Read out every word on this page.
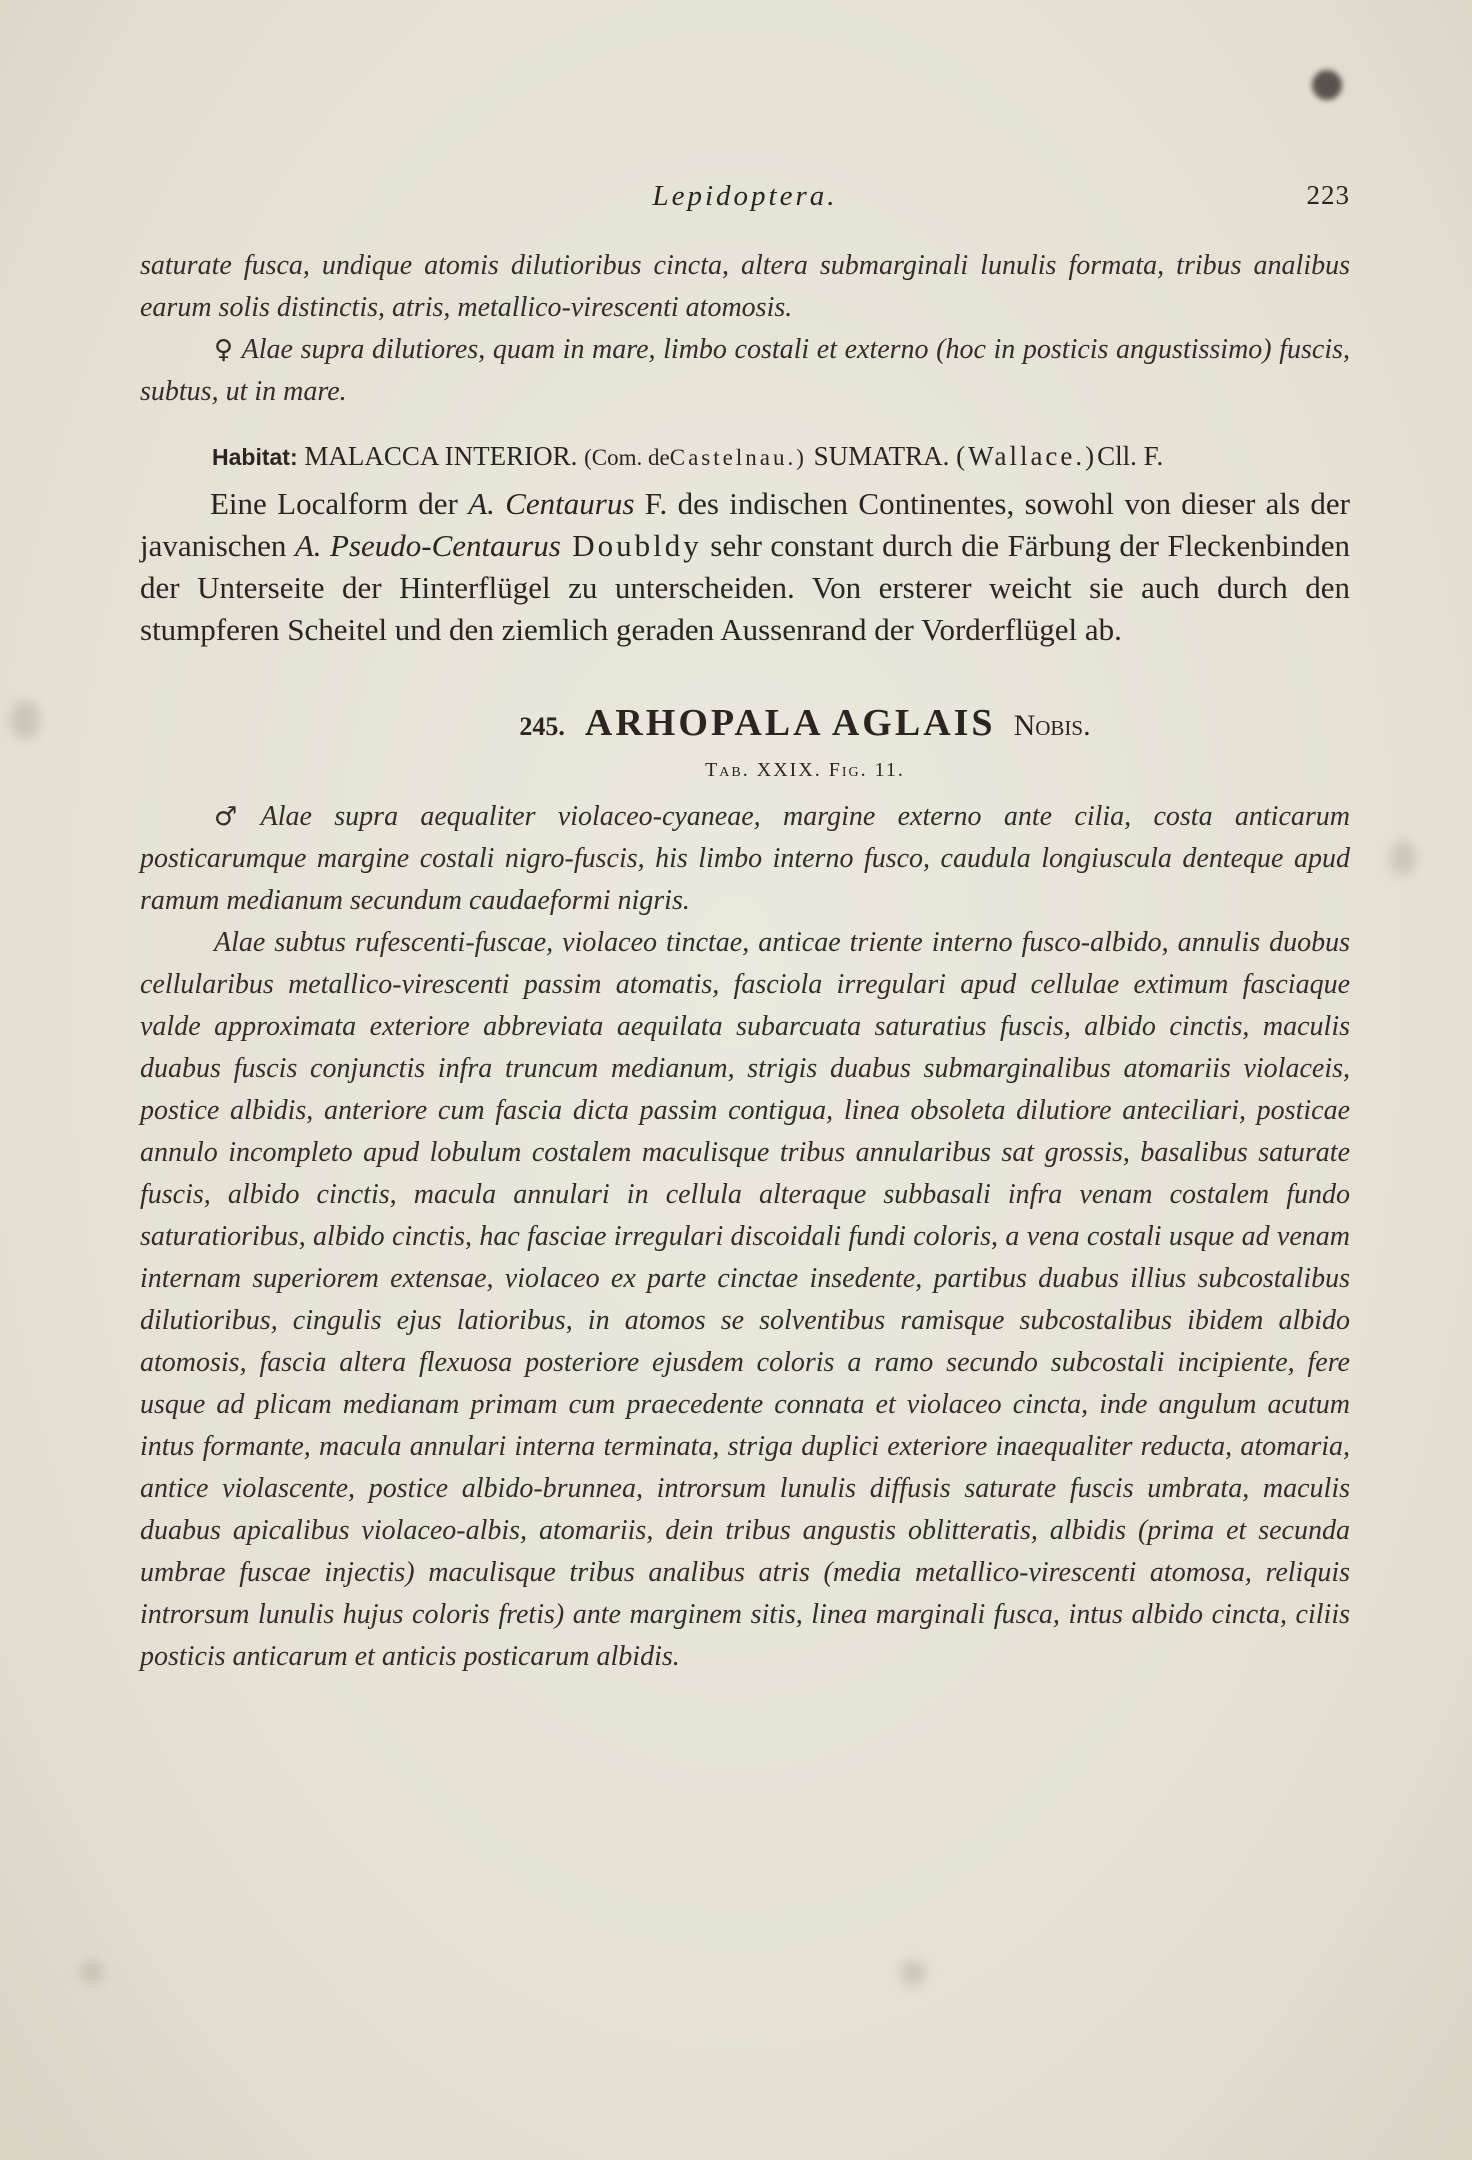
Lepidoptera.	223

saturate fusca, undique atomis dilutioribus cincta, altera submarginali lunulis formata, tribus analibus earum solis distinctis, atris, metallico-virescenti atomosis.

♀ Alae supra dilutiores, quam in mare, limbo costali et externo (hoc in posticis angustissimo) fuscis, subtus, ut in mare.

Habitat: MALACCA INTERIOR. (Com. deCastelnau.) SUMATRA. (Wallace.)Cll. F.

Eine Localform der A. Centaurus F. des indischen Continentes, sowohl von dieser als der javanischen A. Pseudo-Centaurus Doubldy sehr constant durch die Färbung der Fleckenbinden der Unterseite der Hinterflügel zu unterscheiden. Von ersterer weicht sie auch durch den stumpferen Scheitel und den ziemlich geraden Aussenrand der Vorderflügel ab.

245. ARHOPALA AGLAIS Nobis.
Tab. XXIX. Fig. 11.

♂ Alae supra aequaliter violaceo-cyaneae, margine externo ante cilia, costa anticarum posticarumque margine costali nigro-fuscis, his limbo interno fusco, caudula longiuscula denteque apud ramum medianum secundum caudaeformi nigris.

Alae subtus rufescenti-fuscae, violaceo tinctae, anticae triente interno fusco-albido, annulis duobus cellularibus metallico-virescenti passim atomatis, fasciola irregulari apud cellulae extimum fasciaque valde approximata exteriore abbreviata aequilata subarcuata saturatius fuscis, albido cinctis, maculis duabus fuscis conjunctis infra truncum medianum, strigis duabus submarginalibus atomariis violaceis, postice albidis, anteriore cum fascia dicta passim contigua, linea obsoleta dilutiore anteciliari, posticae annulo incompleto apud lobulum costalem maculisque tribus annularibus sat grossis, basalibus saturate fuscis, albido cinctis, macula annulari in cellula alteraque subbasali infra venam costalem fundo saturatioribus, albido cinctis, hac fasciae irregulari discoidali fundi coloris, a vena costali usque ad venam internam superiorem extensae, violaceo ex parte cinctae insedente, partibus duabus illius subcostalibus dilutioribus, cingulis ejus latioribus, in atomos se solventibus ramisque subcostalibus ibidem albido atomosis, fascia altera flexuosa posteriore ejusdem coloris a ramo secundo subcostali incipiente, fere usque ad plicam medianam primam cum praecedente connata et violaceo cincta, inde angulum acutum intus formante, macula annulari interna terminata, striga duplici exteriore inaequaliter reducta, atomaria, antice violascente, postice albido-brunnea, introrsum lunulis diffusis saturate fuscis umbrata, maculis duabus apicalibus violaceo-albis, atomariis, dein tribus angustis oblitteratis, albidis (prima et secunda umbrae fuscae injectis) maculisque tribus analibus atris (media metallico-virescenti atomosa, reliquis introrsum lunulis hujus coloris fretis) ante marginem sitis, linea marginali fusca, intus albido cincta, ciliis posticis anticarum et anticis posticarum albidis.
